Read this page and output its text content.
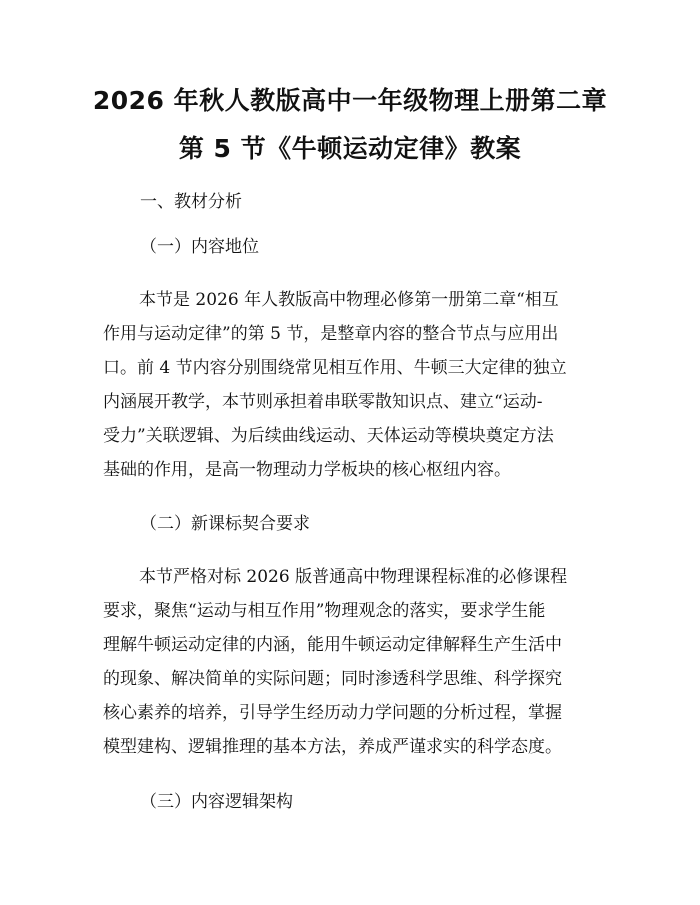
2026 年秋人教版高中一年级物理上册第二章
第 5 节《牛顿运动定律》教案
一、教材分析
（一）内容地位
本节是 2026 年人教版高中物理必修第一册第二章“相互
作用与运动定律”的第 5 节，是整章内容的整合节点与应用出
口。前 4 节内容分别围绕常见相互作用、牛顿三大定律的独立
内涵展开教学，本节则承担着串联零散知识点、建立“运动-
受力”关联逻辑、为后续曲线运动、天体运动等模块奠定方法
基础的作用，是高一物理动力学板块的核心枢纽内容。
（二）新课标契合要求
本节严格对标 2026 版普通高中物理课程标准的必修课程
要求，聚焦“运动与相互作用”物理观念的落实，要求学生能
理解牛顿运动定律的内涵，能用牛顿运动定律解释生产生活中
的现象、解决简单的实际问题；同时渗透科学思维、科学探究
核心素养的培养，引导学生经历动力学问题的分析过程，掌握
模型建构、逻辑推理的基本方法，养成严谨求实的科学态度。
（三）内容逻辑架构
